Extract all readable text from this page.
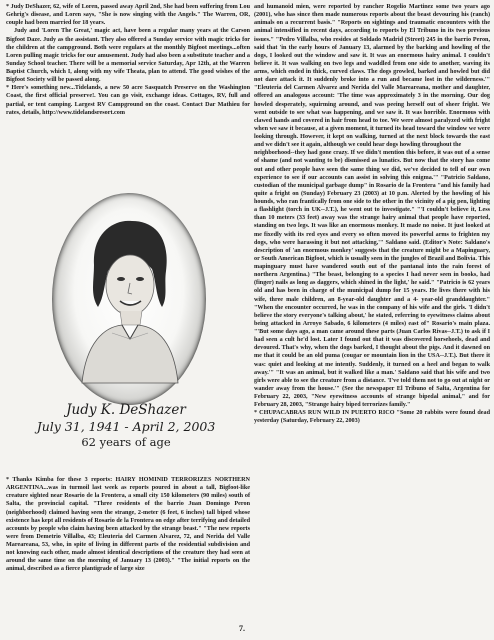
* Judy DeShazer, 62, wife of Loren, passed away April 2nd, She had been suffering from Lou Gehrig's disease, and Loren says, "She is now singing with the Angels." The Warren, OR, couple had been married for 18 years.

Judy and 'Loren The Great,' magic act, have been a regular many years at the Carson Bigfoot Daze. Judy as the assistant. They also offered a Sunday service with magic tricks for the children at the campground. Both were regulars at the monthly Bigfoot meetings...often Loren pulling magic tricks for our amusement. Judy had also been a substitute teacher and a Sunday School teacher. There will be a memorial service Saturday, Apr 12th, at the Warren Baptist Church, which I, along with my wife Theata, plan to attend. The good wishes of the Bigfoot Society will be passed along.

* Here's something new...Tidelands, a new 50 acre Sasquatch Preserve on the Washington Coast, the first official preserve!. You can go visit, exchange ideas. Cottages, RV, full and partial, or tent camping. Largest RV Campground on the coast. Contact Dar Mathieu for rates, details, http://www.tidelandsresort.com

Judy K. DeShazer
July 31, 1941 - April 2, 2003
62 years of age

* Thanks Kimba for these 3 reports: HAIRY HOMINID TERRORIZES NORTHERN ARGENTINA...was in turmoil last week as reports poured in about a tall, Bigfoot-like creature sighted near Rosario de la Frontera, a small city 150 kilometers (90 miles) south of Salta, the provincial capital. "Three residents of the barrio Juan Domingo Peron (neighborhood) claimed having seen the strange, 2-meter (6 feet, 6 inches) tall biped whose existence has kept all residents of Rosario de la Frontera on edge after terrifying and detailed accounts by people who claim having been attacked by the strange beast." "The new reports were from Demetrio Villalba, 43; Eleuteria del Carmen Alvarez, 72, and Nerida del Valle Mareareana, 53, who, in spite of living in different parts of the residential subdivision and not knowing each other, made almost identical descriptions of the creature they had seen at around the same time on the morning of January 13 (2003)." "The initial reports on the animal, described as a fierce plantigrade of large size

and humanoid mien, were reported by rancher Rogelio Martinez some two years ago (2001), who has since then made numerous reports about the beast devouring his (ranch) animals on a recurrent basis." "Reports on sightings and traumatic encounters with the animal intensified in recent days, according to reports by El Tribuno in its two previous issues." "Pedro Villalba, who resides at Soldado Madrid (Street) 245 in the barrio Peron, said that 'in the early hours of January 13, alarmed by the barking and howling of the dogs, I looked out the window and saw it. It was an enormous hairy animal. I couldn't believe it. It was walking on two legs and waddled from one side to another, waving its arms, which ended in thick, curved claws. The dogs growled, barked and howled but did not dare attack it. It suddenly broke into a run and became lost in the wilderness.'" "Eleuteria del Carmen Alvarez and Nerida del Valle Mareareana, mother and daughter, offered an analogous account: 'The time was approximately 3 in the morning. Our dog howled desperately, squirming around, and was peeing herself out of sheer fright. We went outside to see what was happening, and we saw it. It was horrible. Enormous with clawed hands and covered in hair from head to toe. We were almost paralyzed with fright when we saw it because, at a given moment, it turned its head toward the window we were looking through. However, it kept on walking, turned at the next block towards the east and we didn't see it again, although we could hear dogs howling throughout the

neighborhood--they had gone crazy. If we didn't mention this before, it was out of a sense of shame (and not wanting to be) dismissed as lunatics. But now that the story has come out and other people have seen the same thing we did, we've decided to tell of our own experience to see if our accounts can assist in solving this enigma.'" "Patricio Saldano, custodian of the municipal garbage dump" in Rosario de la Frontera "and his family had quite a fright on (Sunday) February 23 (2003) at 10 p.m. Alerted by the howling of his hounds, who ran frantically from one side to the other in the vicinity of a pig pen, lighting a flashlight (torch in UK--J.T.), he went out to investigate." "'I couldn't believe it, Less than 10 meters (33 feet) away was the strange hairy animal that people have reported, standing on two legs. It was like an enormous monkey. It made no noise. It just looked at me fixedly with its red eyes and every so often moved its powerful arms to frighten my dogs, who were harassing it but not attacking,'" Saldano said. (Editor's Note: Saldano's description of 'an enormous monkey' suggests that the creature might be a Mapinguary, or South American Bigfoot, which is usually seen in the jungles of Brazil and Bolivia. This mapinguary must have wandered south out of the pantanal into the rain forest of northern Argentina.) "The beast, belonging to a species I had never seen in books, had (finger) nails as long as daggers, which shined in the light,' he said." "Patricio is 62 years old and has been in charge of the municipal dump for 15 years. He lives there with his wife, three male children, an 8-year-old daughter and a 4- year-old granddaughter." "When the encounter occurred, he was in the company of his wife and the girls. 'I didn't believe the story everyone's talking about,' he stated, referring to eyewitness claims about being attacked in Arroyo Sabado, 6 kilometers (4 miles) east of" Rosario's main plaza. "'But some days ago, a man came around these parts (Juan Carlos Rivas--J.T.) to ask if I had seen a cult he'd lost. Later I found out that it was discovered horsehoels, dead and devoured. That's why, when the dogs barked, I thought about the pigs. And it dawned on me that it could be an old puma (cougar or mountain lion in the USA--J.T.). But there it was: quiet and looking at me intently. Suddenly, it turned on a heel and began to walk away.'" "It was an animal, but it walked like a man.' Saldano said that his wife and two girls were able to see the creature from a distance. 'I've told them not to go out at night or wander away from the house.'" (See the newspaper El Tribuno of Salta, Argentina for February 22, 2003, "New eyewitness accounts of strange bipedal animal," and for February 28, 2003, "Strange hairy biped terrorizes family."

* CHUPACABRAS RUN WILD IN PUERTO RICO "Some 20 rabbits were found dead yesterday (Saturday, February 22, 2003)

7.
